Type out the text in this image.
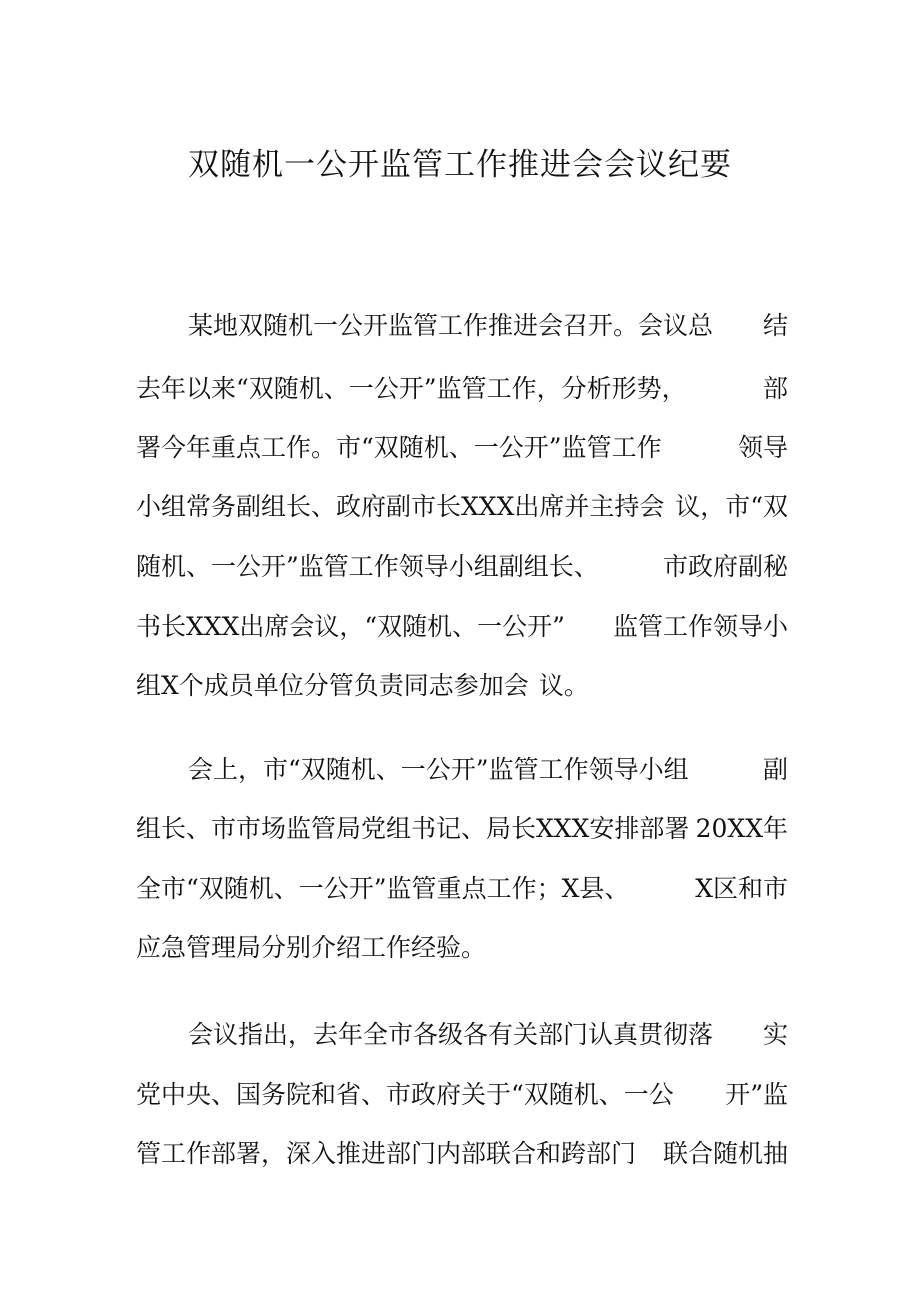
双随机一公开监管工作推进会会议纪要
某地双随机一公开监管工作推进会召开。会议总 结
去年以来“双随机、一公开”监管工作，分析形势，	部
署今年重点工作。市“双随机、一公开”监管工作	领导
小组常务副组长、政府副市长XXX出席并主持会 议，市“双
随机、一公开”监管工作领导小组副组长、	市政府副秘
书长XXX出席会议，“双随机、一公开” 监管工作领导小
组X个成员单位分管负责同志参加会 议。
会上，市“双随机、一公开”监管工作领导小组	副
组长、市市场监管局党组书记、局长XXX安排部署 20XX年
全市“双随机、一公开”监管重点工作；X县、	X区和市
应急管理局分别介绍工作经验。
会议指出，去年全市各级各有关部门认真贯彻落 实
党中央、国务院和省、市政府关于“双随机、一公 开”监
管工作部署，深入推进部门内部联合和跨部门 联合随机抽
